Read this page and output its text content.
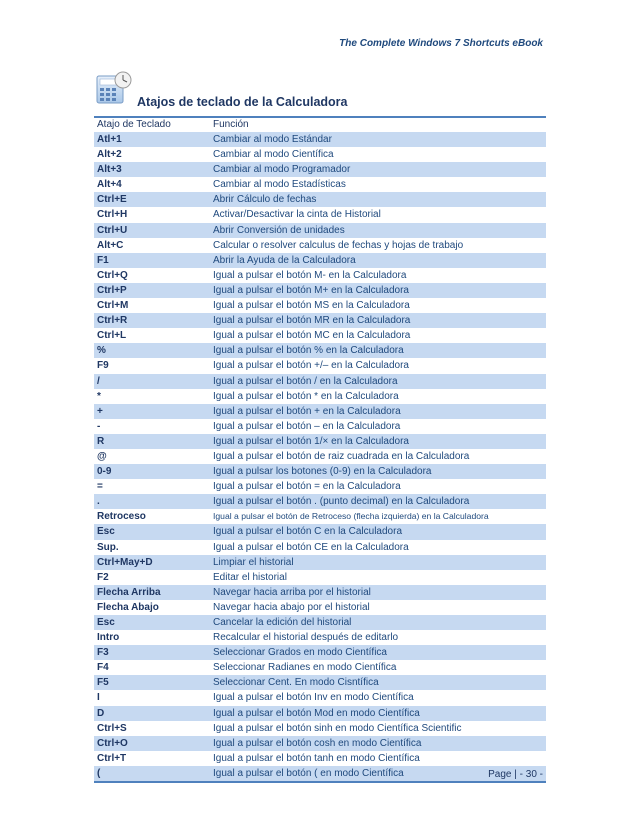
The Complete Windows 7 Shortcuts eBook
Atajos de teclado de la Calculadora
Atajo de Teclado	Función
Atl+1	Cambiar al modo Estándar
Alt+2	Cambiar al modo Científica
Alt+3	Cambiar al modo Programador
Alt+4	Cambiar al modo Estadísticas
Ctrl+E	Abrir Cálculo de fechas
Ctrl+H	Activar/Desactivar la cinta de Historial
Ctrl+U	Abrir Conversión de unidades
Alt+C	Calcular o resolver calculus de fechas y hojas de trabajo
F1	Abrir la Ayuda de la Calculadora
Ctrl+Q	Igual a pulsar el botón M- en la Calculadora
Ctrl+P	Igual a pulsar el botón M+ en la Calculadora
Ctrl+M	Igual a pulsar el botón MS en la Calculadora
Ctrl+R	Igual a pulsar el botón MR en la Calculadora
Ctrl+L	Igual a pulsar el botón MC en la Calculadora
%	Igual a pulsar el botón % en la Calculadora
F9	Igual a pulsar el botón +/– en la Calculadora
/	Igual a pulsar el botón / en la Calculadora
*	Igual a pulsar el botón * en la Calculadora
+	Igual a pulsar el botón + en la Calculadora
-	Igual a pulsar el botón – en la Calculadora
R	Igual a pulsar el botón 1/× en la Calculadora
@	Igual a pulsar el botón de raiz cuadrada en la Calculadora
0-9	Igual a pulsar los botones (0-9) en la Calculadora
=	Igual a pulsar el botón = en la Calculadora
.	Igual a pulsar el botón . (punto decimal) en la Calculadora
Retroceso	Igual a pulsar el botón de Retroceso (flecha izquierda) en la Calculadora
Esc	Igual a pulsar el botón C en la Calculadora
Sup.	Igual a pulsar el botón CE en la Calculadora
Ctrl+May+D	Limpiar el historial
F2	Editar el historial
Flecha Arriba	Navegar hacia arriba por el historial
Flecha Abajo	Navegar hacia abajo por el historial
Esc	Cancelar la edición del historial
Intro	Recalcular el historial después de editarlo
F3	Seleccionar Grados en modo Científica
F4	Seleccionar Radianes en modo Científica
F5	Seleccionar Cent. En modo Cisntífica
I	Igual a pulsar el botón Inv en modo Científica
D	Igual a pulsar el botón Mod en modo Científica
Ctrl+S	Igual a pulsar el botón sinh en modo Científica Scientific
Ctrl+O	Igual a pulsar el botón cosh en modo Científica
Ctrl+T	Igual a pulsar el botón tanh en modo Científica
(	Igual a pulsar el botón ( en modo Científica	Page | - 30 -
